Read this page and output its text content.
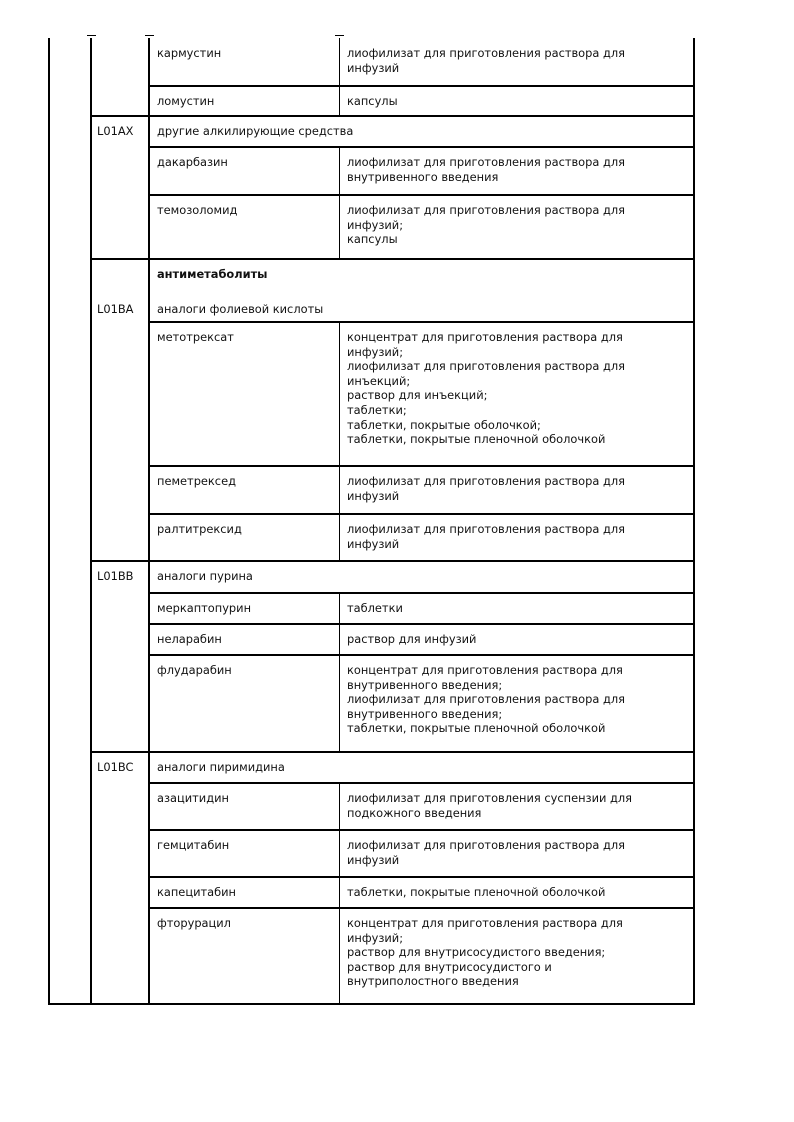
кармустин	лиофилизат для приготовления раствора для
инфузий
ломустин	капсулы
L01AX другие алкилирующие средства
дакарбазин	лиофилизат для приготовления раствора для
внутривенного введения
темозоломид	лиофилизат для приготовления раствора для
инфузий;
капсулы
антиметаболиты
L01BA аналоги фолиевой кислоты
метотрексат	концентрат для приготовления раствора для
инфузий;
лиофилизат для приготовления раствора для
инъекций;
раствор для инъекций;
таблетки;
таблетки, покрытые оболочкой;
таблетки, покрытые пленочной оболочкой
пеметрексед	лиофилизат для приготовления раствора для
инфузий
ралтитрексид	лиофилизат для приготовления раствора для
инфузий
L01BB аналоги пурина
меркаптопурин	таблетки
неларабин	раствор для инфузий
флударабин	концентрат для приготовления раствора для
внутривенного введения;
лиофилизат для приготовления раствора для
внутривенного введения;
таблетки, покрытые пленочной оболочкой
L01BC аналоги пиримидина
азацитидин	лиофилизат для приготовления суспензии для
подкожного введения
гемцитабин	лиофилизат для приготовления раствора для
инфузий
капецитабин	таблетки, покрытые пленочной оболочкой
фторурацил	концентрат для приготовления раствора для
инфузий;
раствор для внутрисосудистого введения;
раствор для внутрисосудистого и
внутриполостного введения
